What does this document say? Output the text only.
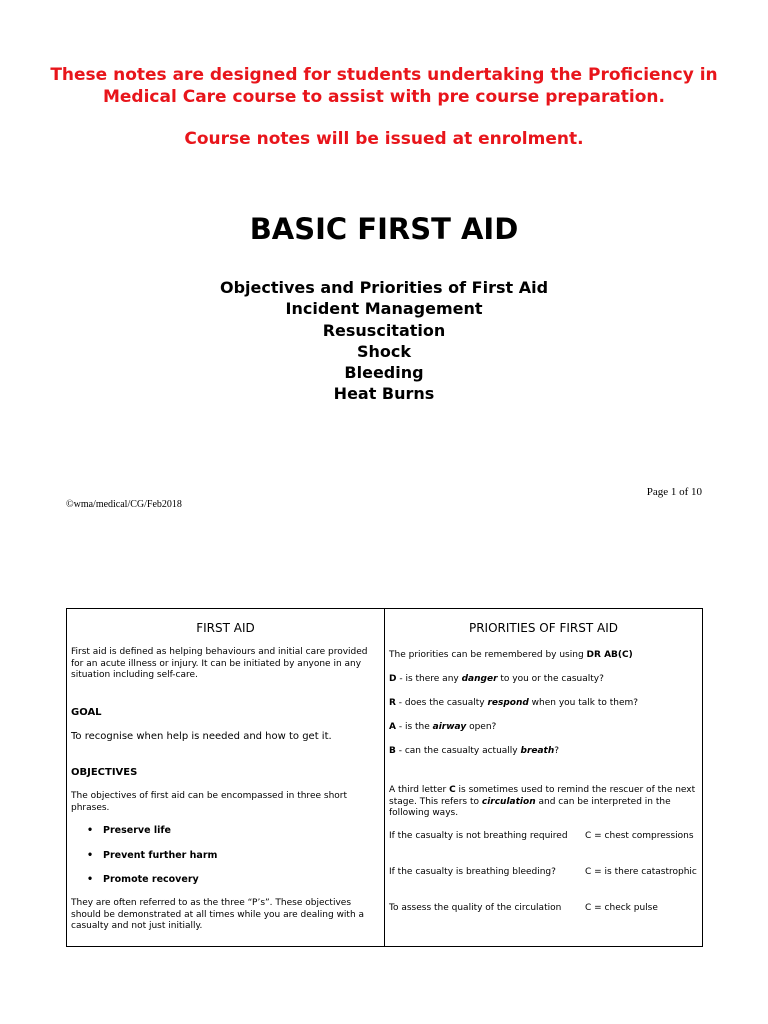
These notes are designed for students undertaking the Proficiency in
Medical Care course to assist with pre course preparation.
Course notes will be issued at enrolment.
BASIC FIRST AID
Objectives and Priorities of First Aid
Incident Management
Resuscitation
Shock
Bleeding
Heat Burns
Page 1 of 10
©wma/medical/CG/Feb2018
FIRST AID
First aid is defined as helping behaviours and initial care provided for an acute illness or injury. It can be initiated by anyone in any situation including self-care.
GOAL
To recognise when help is needed and how to get it.
OBJECTIVES
The objectives of first aid can be encompassed in three short phrases.
• Preserve life
• Prevent further harm
• Promote recovery
They are often referred to as the three “P’s”. These objectives should be demonstrated at all times while you are dealing with a casualty and not just initially.
PRIORITIES OF FIRST AID
The priorities can be remembered by using DR AB(C)
D - is there any danger to you or the casualty?
R - does the casualty respond when you talk to them?
A - is the airway open?
B - can the casualty actually breath?
A third letter C is sometimes used to remind the rescuer of the next stage. This refers to circulation and can be interpreted in the following ways.
If the casualty is not breathing required	C = chest compressions
If the casualty is breathing bleeding?	C = is there catastrophic
To assess the quality of the circulation	C = check pulse
